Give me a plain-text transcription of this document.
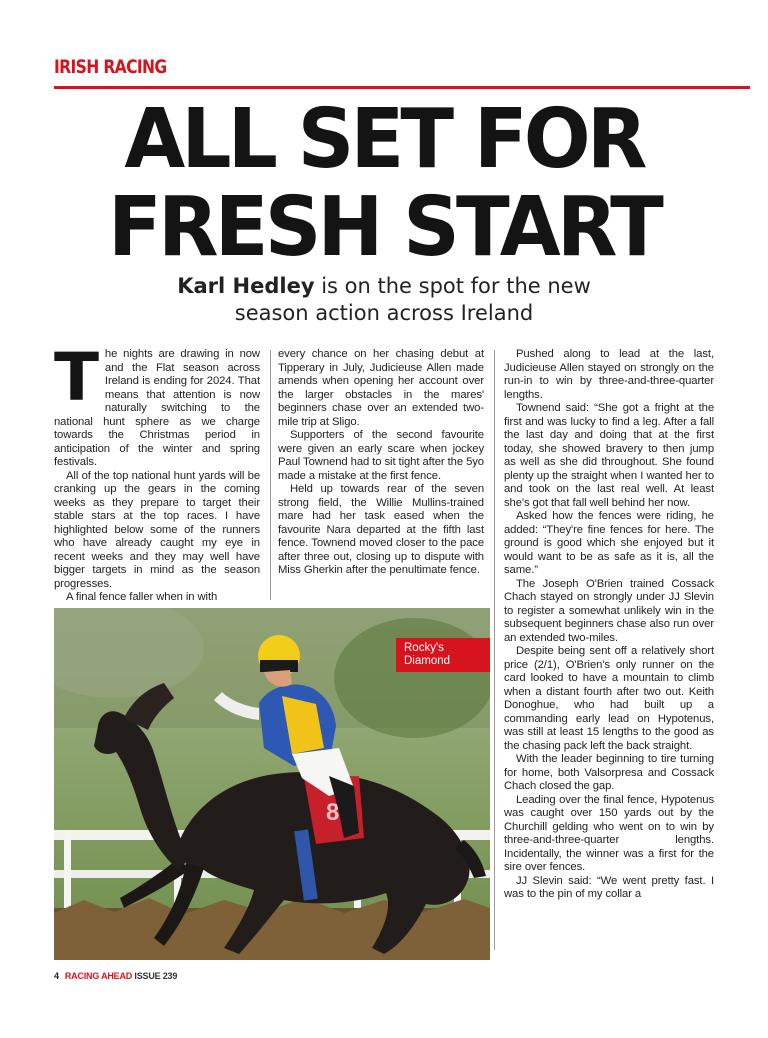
IRISH RACING
ALL SET FOR
FRESH START
Karl Hedley is on the spot for the new
season action across Ireland
T he nights are drawing in now and the Flat season across Ireland is ending for 2024. That means that attention is now naturally switching to the national hunt sphere as we charge towards the Christmas period in anticipation of the winter and spring festivals.

All of the top national hunt yards will be cranking up the gears in the coming weeks as they prepare to target their stable stars at the top races. I have highlighted below some of the runners who have already caught my eye in recent weeks and they may well have bigger targets in mind as the season progresses.

A final fence faller when in with

every chance on her chasing debut at Tipperary in July, Judicieuse Allen made amends when opening her account over the larger obstacles in the mares' beginners chase over an extended two-mile trip at Sligo.

Supporters of the second favourite were given an early scare when jockey Paul Townend had to sit tight after the 5yo made a mistake at the first fence.

Held up towards rear of the seven strong field, the Willie Mullins-trained mare had her task eased when the favourite Nara departed at the fifth last fence. Townend moved closer to the pace after three out, closing up to dispute with Miss Gherkin after the penultimate fence.

Pushed along to lead at the last, Judicieuse Allen stayed on strongly on the run-in to win by three-and-three-quarter lengths.

Townend said: “She got a fright at the first and was lucky to find a leg. After a fall the last day and doing that at the first today, she showed bravery to then jump as well as she did throughout. She found plenty up the straight when I wanted her to and took on the last real well. At least she's got that fall well behind her now.

Asked how the fences were riding, he added: “They're fine fences for here. The ground is good which she enjoyed but it would want to be as safe as it is, all the same.”

The Joseph O'Brien trained Cossack Chach stayed on strongly under JJ Slevin to register a somewhat unlikely win in the subsequent beginners chase also run over an extended two-miles.

Despite being sent off a relatively short price (2/1), O'Brien's only runner on the card looked to have a mountain to climb when a distant fourth after two out. Keith Donoghue, who had built up a commanding early lead on Hypotenus, was still at least 15 lengths to the good as the chasing pack left the back straight.

With the leader beginning to tire turning for home, both Valsorpresa and Cossack Chach closed the gap.

Leading over the final fence, Hypotenus was caught over 150 yards out by the Churchill gelding who went on to win by three-and-three-quarter lengths. Incidentally, the winner was a first for the sire over fences.

JJ Slevin said: “We went pretty fast. I was to the pin of my collar a

8
Rocky's Diamond
4 RACING AHEAD ISSUE 239
